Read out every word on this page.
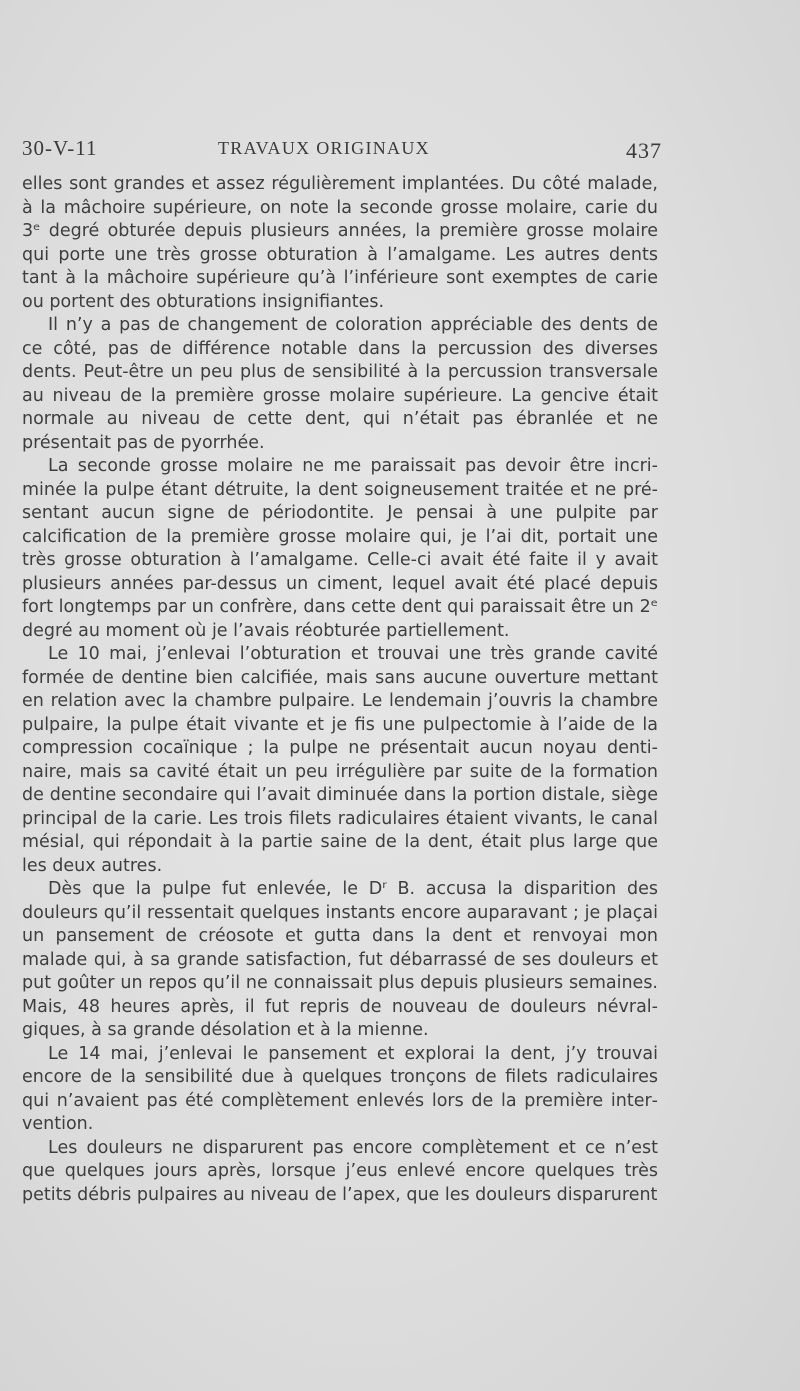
30-V-11	TRAVAUX ORIGINAUX	437

elles sont grandes et assez régulièrement implantées. Du côté malade, à la mâchoire supérieure, on note la seconde grosse molaire, carie du 3ᵉ degré obturée depuis plusieurs années, la première grosse molaire qui porte une très grosse obturation à l’amalgame. Les autres dents tant à la mâchoire supérieure qu’à l’inférieure sont exemptes de carie ou portent des obturations insignifiantes.

Il n’y a pas de changement de coloration appréciable des dents de ce côté, pas de différence notable dans la percussion des diverses dents. Peut-être un peu plus de sensibilité à la percussion transversale au niveau de la première grosse molaire supérieure. La gencive était normale au niveau de cette dent, qui n’était pas ébranlée et ne présentait pas de pyorrhée.

La seconde grosse molaire ne me paraissait pas devoir être incriminée la pulpe étant détruite, la dent soigneusement traitée et ne présentant aucun signe de périodontite. Je pensai à une pulpite par calcification de la première grosse molaire qui, je l’ai dit, portait une très grosse obturation à l’amalgame. Celle-ci avait été faite il y avait plusieurs années par-dessus un ciment, lequel avait été placé depuis fort longtemps par un confrère, dans cette dent qui paraissait être un 2ᵉ degré au moment où je l’avais réobturée partiellement.

Le 10 mai, j’enlevai l’obturation et trouvai une très grande cavité formée de dentine bien calcifiée, mais sans aucune ouverture mettant en relation avec la chambre pulpaire. Le lendemain j’ouvris la chambre pulpaire, la pulpe était vivante et je fis une pulpectomie à l’aide de la compression cocaïnique ; la pulpe ne présentait aucun noyau dentinaire, mais sa cavité était un peu irrégulière par suite de la formation de dentine secondaire qui l’avait diminuée dans la portion distale, siège principal de la carie. Les trois filets radiculaires étaient vivants, le canal mésial, qui répondait à la partie saine de la dent, était plus large que les deux autres.

Dès que la pulpe fut enlevée, le Dʳ B. accusa la disparition des douleurs qu’il ressentait quelques instants encore auparavant ; je plaçai un pansement de créosote et gutta dans la dent et renvoyai mon malade qui, à sa grande satisfaction, fut débarrassé de ses douleurs et put goûter un repos qu’il ne connaissait plus depuis plusieurs semaines. Mais, 48 heures après, il fut repris de nouveau de douleurs névralgiques, à sa grande désolation et à la mienne.

Le 14 mai, j’enlevai le pansement et explorai la dent, j’y trouvai encore de la sensibilité due à quelques tronçons de filets radiculaires qui n’avaient pas été complètement enlevés lors de la première intervention.

Les douleurs ne disparurent pas encore complètement et ce n’est que quelques jours après, lorsque j’eus enlevé encore quelques très petits débris pulpaires au niveau de l’apex, que les douleurs disparurent
